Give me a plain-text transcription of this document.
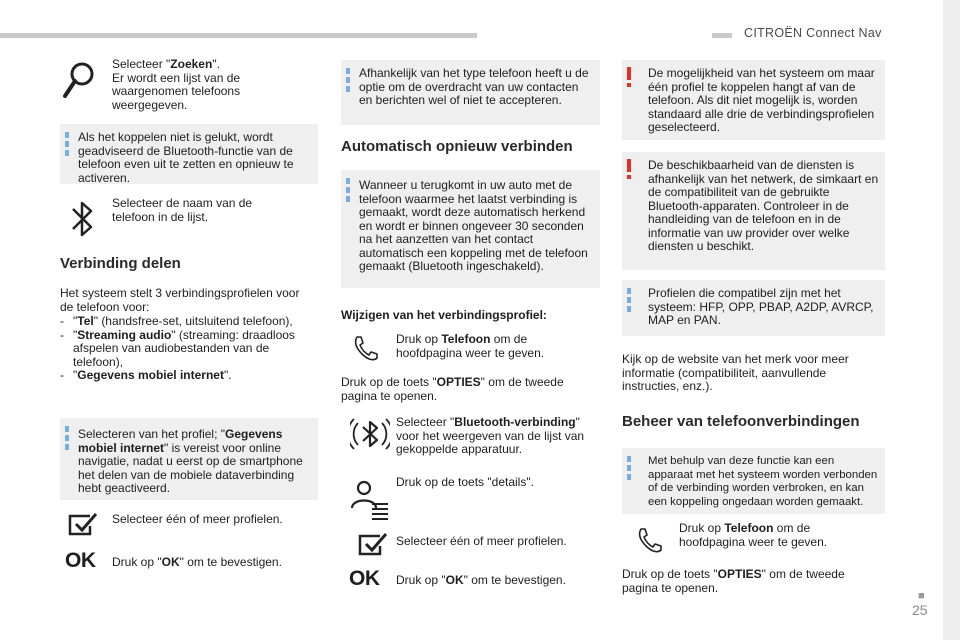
CITROËN Connect Nav
■
25
Selecteer "Zoeken".
Er wordt een lijst van de waargenomen telefoons weergegeven.
Als het koppelen niet is gelukt, wordt geadviseerd de Bluetooth-functie van de telefoon even uit te zetten en opnieuw te activeren.
Selecteer de naam van de telefoon in de lijst.
Verbinding delen
Het systeem stelt 3 verbindingsprofielen voor de telefoon voor:
- "Tel" (handsfree-set, uitsluitend telefoon),
- "Streaming audio" (streaming: draadloos afspelen van audiobestanden van de telefoon),
- "Gegevens mobiel internet".
Selecteren van het profiel; "Gegevens mobiel internet" is vereist voor online navigatie, nadat u eerst op de smartphone het delen van de mobiele dataverbinding hebt geactiveerd.
Selecteer één of meer profielen.
OK Druk op "OK" om te bevestigen.
Afhankelijk van het type telefoon heeft u de optie om de overdracht van uw contacten en berichten wel of niet te accepteren.
Automatisch opnieuw verbinden
Wanneer u terugkomt in uw auto met de telefoon waarmee het laatst verbinding is gemaakt, wordt deze automatisch herkend en wordt er binnen ongeveer 30 seconden na het aanzetten van het contact automatisch een koppeling met de telefoon gemaakt (Bluetooth ingeschakeld).
Wijzigen van het verbindingsprofiel:
Druk op Telefoon om de hoofdpagina weer te geven.
Druk op de toets "OPTIES" om de tweede pagina te openen.
Selecteer "Bluetooth-verbinding" voor het weergeven van de lijst van gekoppelde apparatuur.
Druk op de toets "details".
Selecteer één of meer profielen.
OK Druk op "OK" om te bevestigen.
De mogelijkheid van het systeem om maar één profiel te koppelen hangt af van de telefoon. Als dit niet mogelijk is, worden standaard alle drie de verbindingsprofielen geselecteerd.
De beschikbaarheid van de diensten is afhankelijk van het netwerk, de simkaart en de compatibiliteit van de gebruikte Bluetooth-apparaten. Controleer in de handleiding van de telefoon en in de informatie van uw provider over welke diensten u beschikt.
Profielen die compatibel zijn met het systeem: HFP, OPP, PBAP, A2DP, AVRCP, MAP en PAN.
Kijk op de website van het merk voor meer informatie (compatibiliteit, aanvullende instructies, enz.).
Beheer van telefoonverbindingen
Met behulp van deze functie kan een apparaat met het systeem worden verbonden of de verbinding worden verbroken, en kan een koppeling ongedaan worden gemaakt.
Druk op Telefoon om de hoofdpagina weer te geven.
Druk op de toets "OPTIES" om de tweede pagina te openen.
